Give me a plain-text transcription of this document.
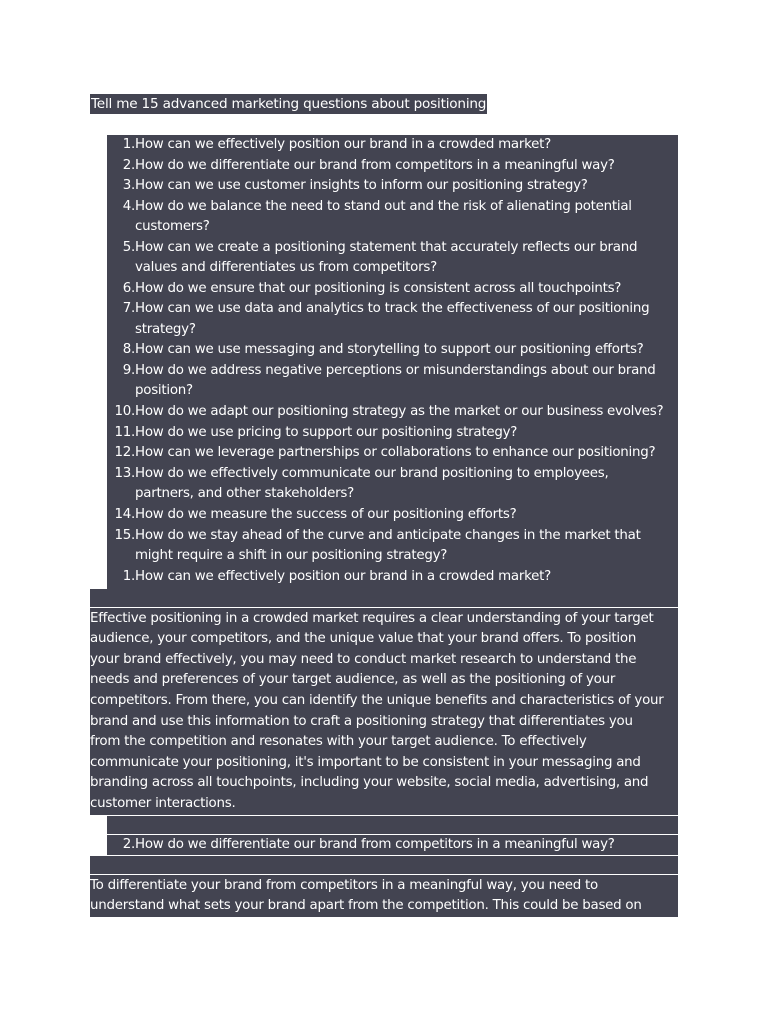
Tell me 15 advanced marketing questions about positioning
1. How can we effectively position our brand in a crowded market?
2. How do we differentiate our brand from competitors in a meaningful way?
3. How can we use customer insights to inform our positioning strategy?
4. How do we balance the need to stand out and the risk of alienating potential
customers?
5. How can we create a positioning statement that accurately reflects our brand
values and differentiates us from competitors?
6. How do we ensure that our positioning is consistent across all touchpoints?
7. How can we use data and analytics to track the effectiveness of our positioning
strategy?
8. How can we use messaging and storytelling to support our positioning efforts?
9. How do we address negative perceptions or misunderstandings about our brand
position?
10. How do we adapt our positioning strategy as the market or our business evolves?
11. How do we use pricing to support our positioning strategy?
12. How can we leverage partnerships or collaborations to enhance our positioning?
13. How do we effectively communicate our brand positioning to employees,
partners, and other stakeholders?
14. How do we measure the success of our positioning efforts?
15. How do we stay ahead of the curve and anticipate changes in the market that
might require a shift in our positioning strategy?
1. How can we effectively position our brand in a crowded market?
Effective positioning in a crowded market requires a clear understanding of your target
audience, your competitors, and the unique value that your brand offers. To position
your brand effectively, you may need to conduct market research to understand the
needs and preferences of your target audience, as well as the positioning of your
competitors. From there, you can identify the unique benefits and characteristics of your
brand and use this information to craft a positioning strategy that differentiates you
from the competition and resonates with your target audience. To effectively
communicate your positioning, it's important to be consistent in your messaging and
branding across all touchpoints, including your website, social media, advertising, and
customer interactions.
2. How do we differentiate our brand from competitors in a meaningful way?
To differentiate your brand from competitors in a meaningful way, you need to
understand what sets your brand apart from the competition. This could be based on
